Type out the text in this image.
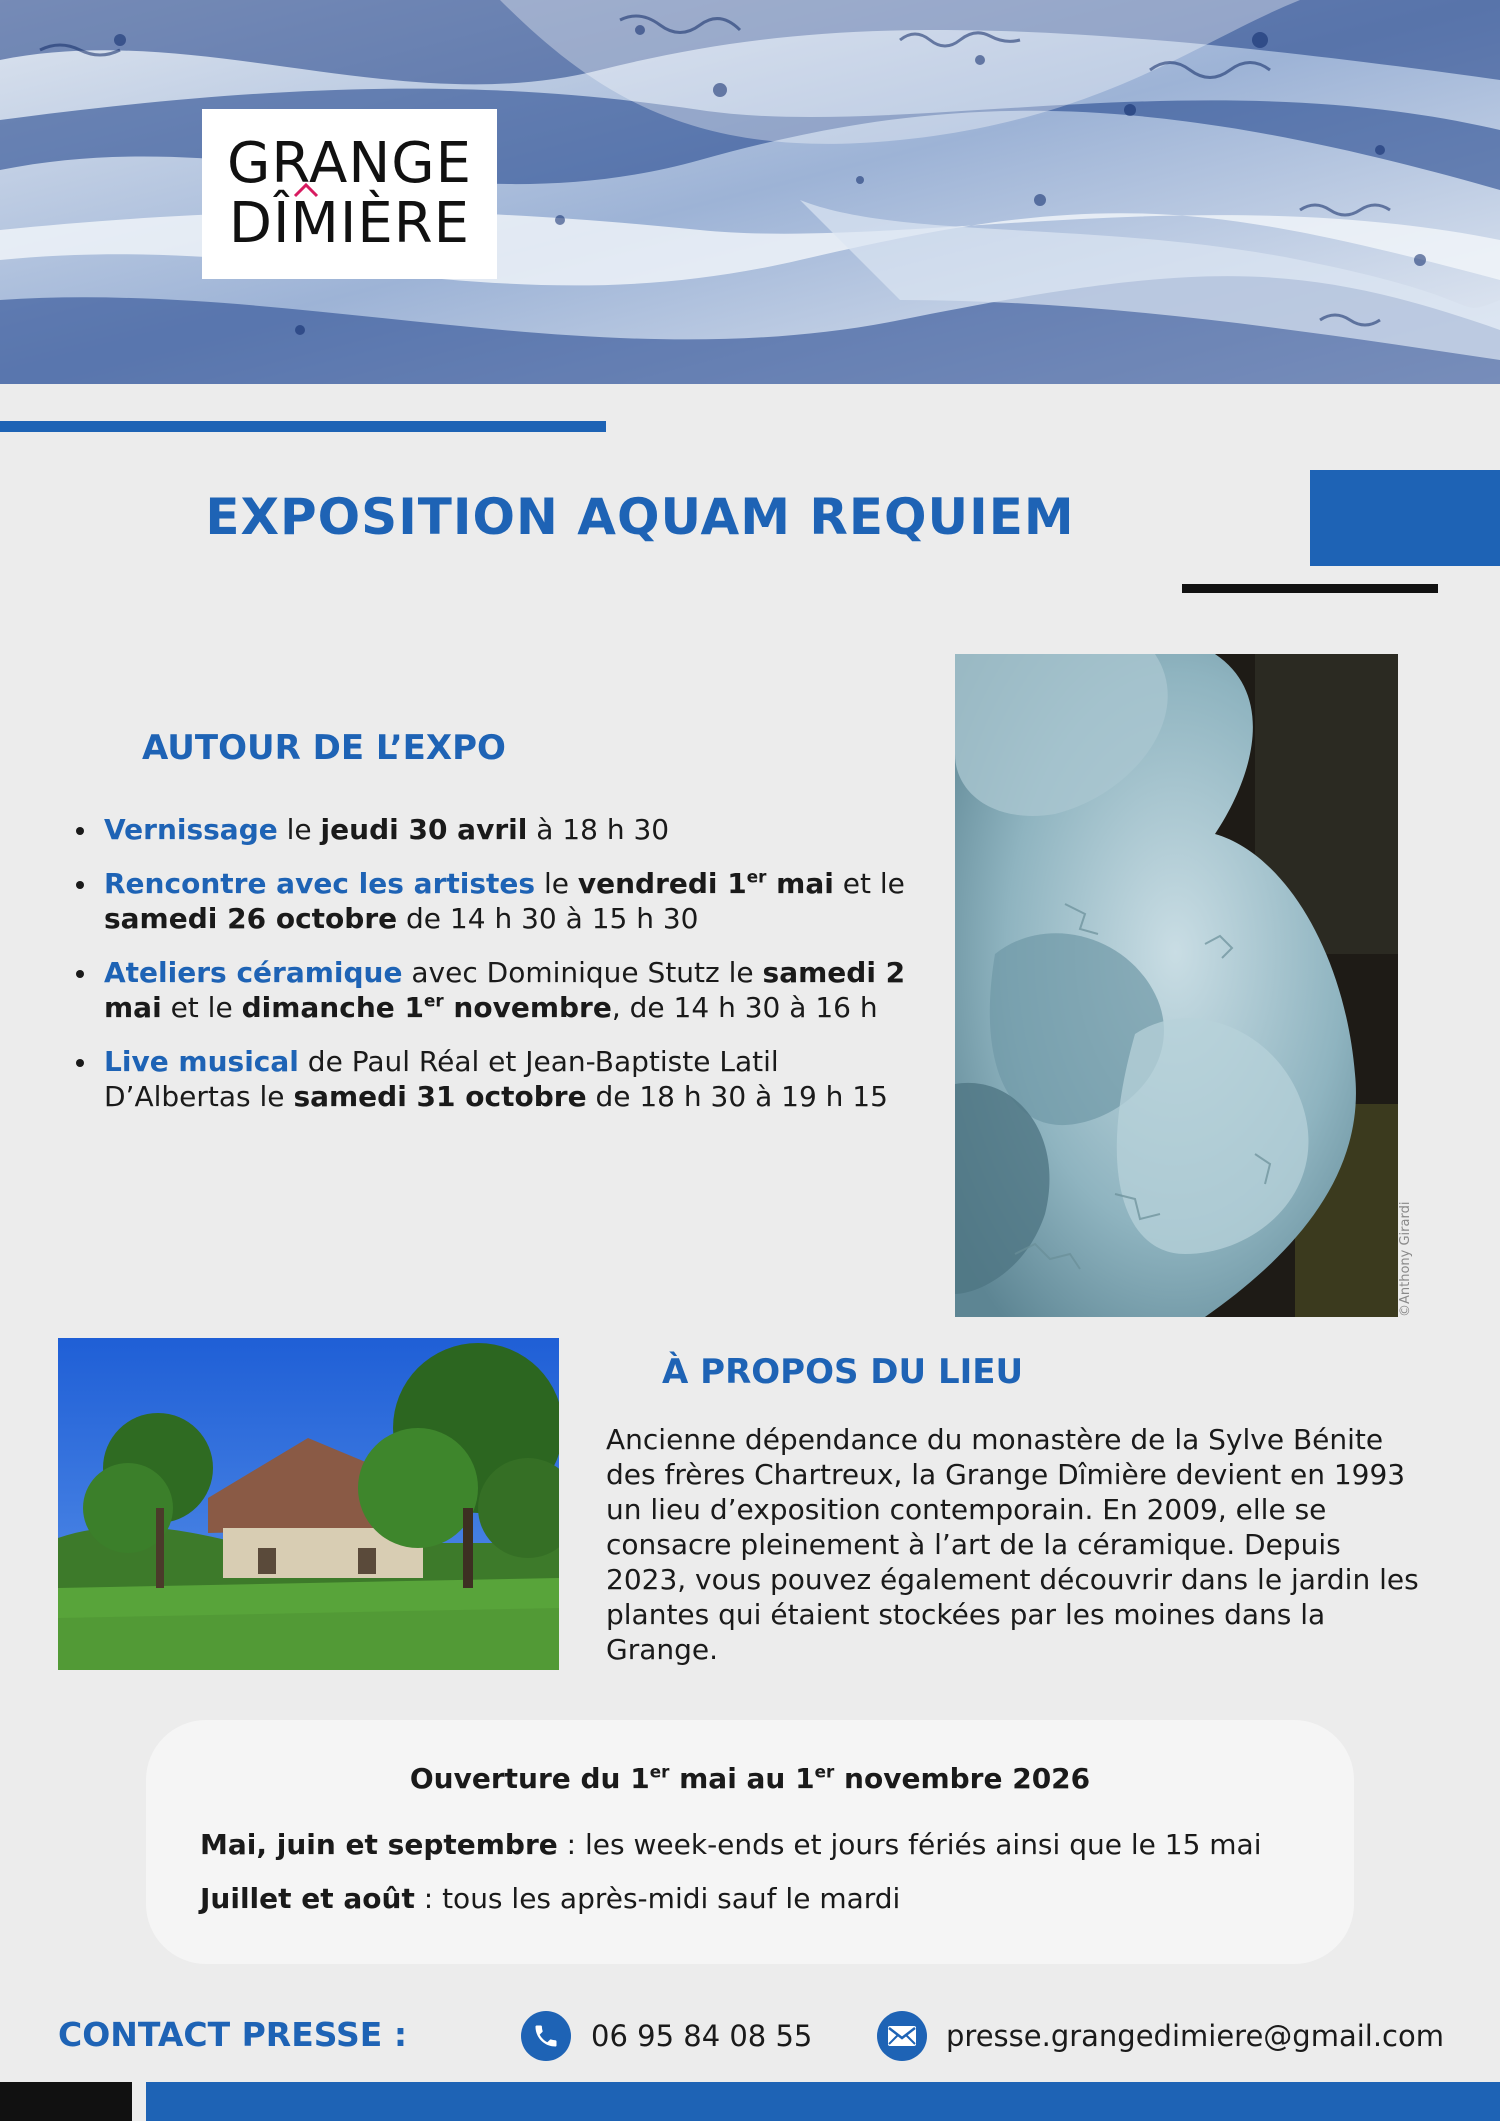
GRANGE
DÎMIÈRE
EXPOSITION AQUAM REQUIEM
AUTOUR DE L’EXPO
Vernissage le jeudi 30 avril à 18 h 30
Rencontre avec les artistes le vendredi 1er mai et le samedi 26 octobre de 14 h 30 à 15 h 30
Ateliers céramique avec Dominique Stutz le samedi 2 mai et le dimanche 1er novembre, de 14 h 30 à 16 h
Live musical de Paul Réal et Jean-Baptiste Latil D’Albertas le samedi 31 octobre de 18 h 30 à 19 h 15
©Anthony Girardi
À PROPOS DU LIEU
Ancienne dépendance du monastère de la Sylve Bénite des frères Chartreux, la Grange Dîmière devient en 1993 un lieu d’exposition contemporain. En 2009, elle se consacre pleinement à l’art de la céramique. Depuis 2023, vous pouvez également découvrir dans le jardin les plantes qui étaient stockées par les moines dans la Grange.
Ouverture du 1er mai au 1er novembre 2026
Mai, juin et septembre : les week-ends et jours fériés ainsi que le 15 mai
Juillet et août : tous les après-midi sauf le mardi
CONTACT PRESSE :	06 95 84 08 55	presse.grangedimiere@gmail.com
